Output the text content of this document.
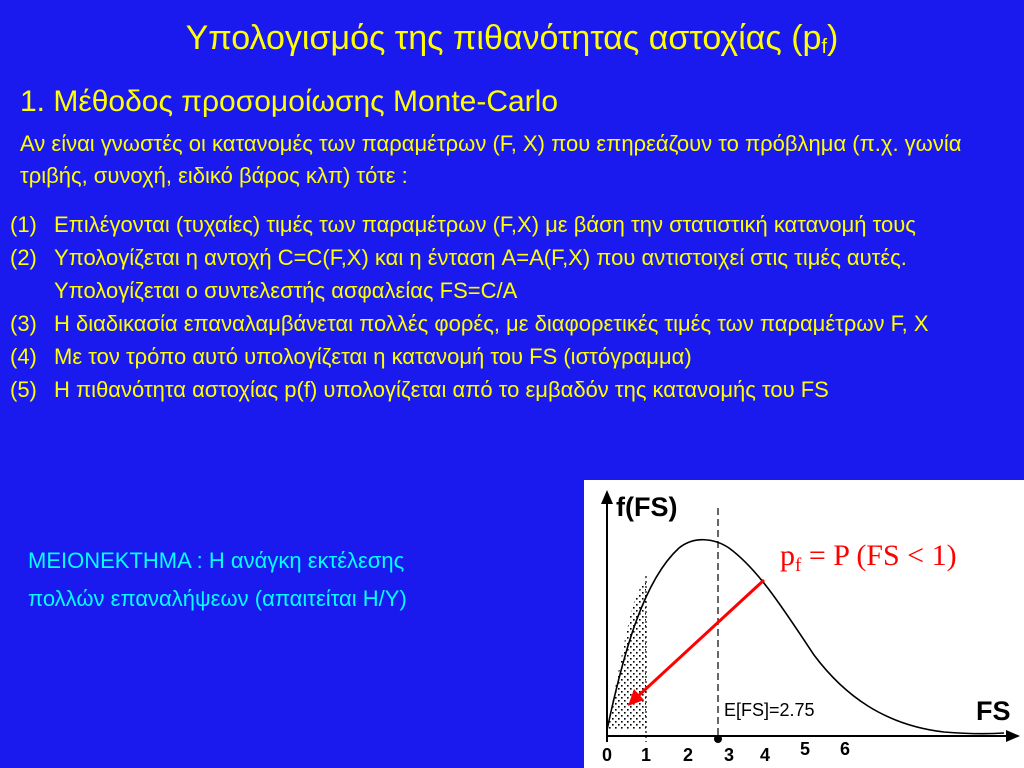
Υπολογισμός της πιθανότητας αστοχίας $(p_f)$
1. Μέθοδος προσομοίωσης Monte-Carlo
Αν είναι γνωστές οι κατανομές των παραμέτρων (F, X) που επηρεάζουν το πρόβλημα (π.χ. γωνία τριβής, συνοχή, ειδικό βάρος κλπ) τότε :
(1) Επιλέγονται (τυχαίες) τιμές των παραμέτρων (F,X) με βάση την στατιστική κατανομή τους
(2) Υπολογίζεται η αντοχή C=C(F,X) και η ένταση A=A(F,X) που αντιστοιχεί στις τιμές αυτές. Υπολογίζεται ο συντελεστής ασφαλείας FS=C/A
(3) Η διαδικασία επαναλαμβάνεται πολλές φορές, με διαφορετικές τιμές των παραμέτρων F, X
(4) Με τον τρόπο αυτό υπολογίζεται η κατανομή του FS (ιστόγραμμα)
(5) Η πιθανότητα αστοχίας p(f) υπολογίζεται από το εμβαδόν της κατανομής του FS
ΜΕΙΟΝΕΚΤΗΜΑ : Η ανάγκη εκτέλεσης
πολλών επαναλήψεων (απαιτείται Η/Υ)
f(FS)
FS
E[FS]=2.75
0 1 2 3 4 5 6
$p_f = P$ (FS < 1)
